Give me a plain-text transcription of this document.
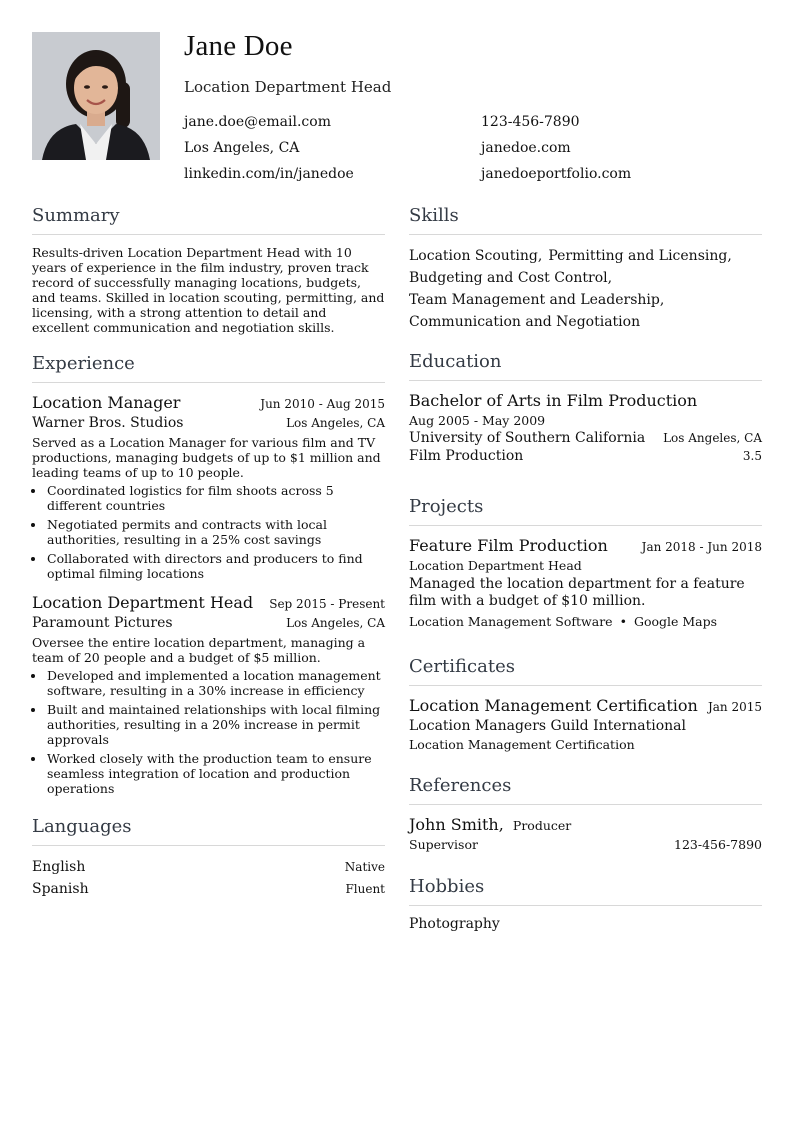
Jane Doe
Location Department Head
jane.doe@email.com	123-456-7890
Los Angeles, CA	janedoe.com
linkedin.com/in/janedoe	janedoeportfolio.com
Summary

Results-driven Location Department Head with 10 years of experience in the film industry, proven track record of successfully managing locations, budgets, and teams. Skilled in location scouting, permitting, and licensing, with a strong attention to detail and excellent communication and negotiation skills.

Experience
Location Manager	Jun 2010 - Aug 2015
Warner Bros. Studios	Los Angeles, CA

Served as a Location Manager for various film and TV productions, managing budgets of up to $1 million and leading teams of up to 10 people.

• Coordinated logistics for film shoots across 5 different countries
• Negotiated permits and contracts with local authorities, resulting in a 25% cost savings
• Collaborated with directors and producers to find optimal filming locations
Location Department Head Sep 2015 - Present
Paramount Pictures	Los Angeles, CA

Oversee the entire location department, managing a team of 20 people and a budget of $5 million.

• Developed and implemented a location management software, resulting in a 30% increase in efficiency
• Built and maintained relationships with local filming authorities, resulting in a 20% increase in permit approvals
• Worked closely with the production team to ensure seamless integration of location and production operations
Languages
English	Native
Spanish	Fluent
Skills
Location Scouting, Permitting and Licensing,
Budgeting and Cost Control,
Team Management and Leadership,
Communication and Negotiation
Education
Bachelor of Arts in Film Production
Aug 2005 - May 2009
University of Southern California Los Angeles, CA
Film Production	3.5
Projects
Feature Film Production	Jan 2018 - Jun 2018
Location Department Head
Managed the location department for a feature film with a budget of $10 million.
Location Management Software • Google Maps
Certificates
Location Management Certification Jan 2015
Location Managers Guild International
Location Management Certification
References
John Smith, Producer
Supervisor	123-456-7890
Hobbies
Photography
